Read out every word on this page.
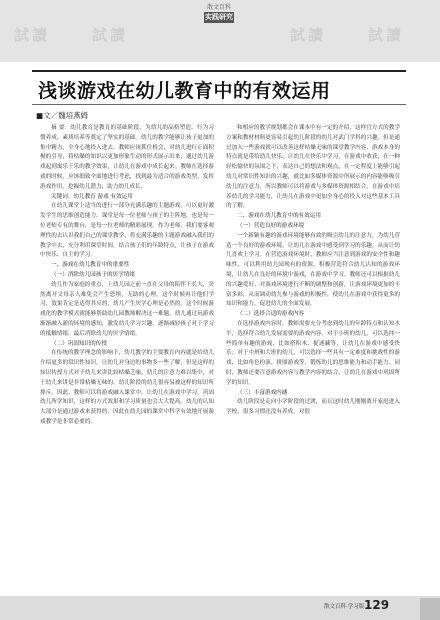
試讀	試讀	試讀	試讀
散文百科
实践研究
浅谈游戏在幼儿教育中的有效运用
■文／魏培燕姆

摘 要：幼儿教育是教育的基础阶段，为幼儿的品格塑造、行为习惯养成、素质培养等奠定了坚实的基础。幼儿的教学能够让孩子更加的集中精力，全身心地投入进去。教师应该抓住机会，对幼儿进行正面积极的引导，将枯燥的知识以更加形象生动的形式展示出来，通过幼儿游戏起到寓乐于乐的教学效果，让幼儿在游戏中成长起来。教师在选择游戏的时候，应该细致全面地进行考虑，找到最为适合的游戏类型，发挥游戏作用，挖掘幼儿潜力，助力幼儿成长。

关键词：幼儿教育 游戏 有效运用

在幼儿课堂上适当的进行一部分充满乐趣的主题游戏，可以更好激发学生的思维创造能力。课堂是每一位老师与孩子的主阵地，也是每一位老师专有的舞台，是每一位老师的精彩展现。作为老师，我们要客观理性的去认识我们自己的课堂教学，将充满乐趣的主题游戏融入我们的教学中去，充分利用课堂时间，结合孩子们的年龄特点，让孩子在游戏中快乐、自主的学习。

一、游戏在幼儿教育中的重要性

（一）消除幼儿园孩子的厌学情绪

幼儿作为家庭的重点，上幼儿园之前一直在父母的陪伴下长大，突然离开父母亲人难免会产生恐惧，无助的心理，这个时候再让他们学习，效果肯定是适得其反的，幼儿产生厌学心理是必然的。这个时候游戏化的教学模式就能够帮助幼儿园教师解决这一难题。幼儿通过玩游戏渐渐融入新的环境的感知，激发幼儿学习兴趣，逐渐减轻孩子对于学习的抵触情绪，最后消除幼儿的厌学情绪。

（二）巩固知识的传授

在传统的教学理念的影响下，幼儿教学的主要教育内容就是给幼儿介绍更多的常识性知识，让幼儿对身边的事物多一些了解，但是这样的知识传授方式对于幼儿来讲比较枯燥乏味，幼儿的注意力难以集中，对于幼儿来讲是非常枯燥无味的，幼儿阶段的幼儿很容易被这样的知识所排斥。因此，教师可以将游戏融入课堂中，让幼儿在游戏中学习，巩固幼儿所学知识，这样的方式效果和学习质量也会大大提高。幼儿的认知大部分是通过游戏来获得的，因此在幼儿园的课堂中科学有效地开展游戏教学是非常必要的。

和相应的教学规划都会在课本中有一定的介绍，这样官方式的教学方案和教材材料更容易引起幼儿阶段的幼儿对武门学科的兴趣。但是通过加入一些游戏就可以改善这样枯燥无味的课堂教学内容，游戏本身的特点就是带给幼儿快乐，让幼儿在快乐中学习，在游戏中收获，在一种轻松愉快的氛围之下，表达自己的想法和观点，在一定程度上能够引起幼儿对常识性知识的兴趣，就比如多媒体资源中所展示的内容能够吸引幼儿的注意力，所以教师可以将游戏与多媒体资源相结合，在游戏中培养幼儿的学习能力，让幼儿在游戏中更加全身心的投入对这些基本工具的了解。

二、游戏在幼儿教育中的有效运用

（一）营造良好的游戏环境

一个新颖有趣的游戏环境能够有效的吸引幼儿的注意力，为幼儿营造一个良好的游戏环境，让幼儿在游戏中感受到学习的乐趣，从而让幼儿喜欢上学习。在营造游戏环境时，教师应当注意到游戏的安全性和趣味性，可以利用幼儿园现有的资源，积极营造符合幼儿认知的游戏环境，让幼儿在良好的环境中游戏，在游戏中学习。教师还可以根据幼儿的兴趣爱好，对游戏环境进行不断的调整和创新，让游戏环境更加的丰富多彩，从而调动幼儿参与游戏的积极性，使幼儿在游戏中获得更多的知识和能力，促进幼儿的全面发展。

（二）选择合适的游戏内容

在选择游戏内容时，教师需要充分考虑到幼儿的年龄特点和认知水平，选择符合幼儿发展需要的游戏内容。对于小班的幼儿，可以选择一些简单有趣的游戏，比如搭积木、捉迷藏等，让幼儿在游戏中感受快乐；对于中班和大班的幼儿，可以选择一些具有一定难度和挑战性的游戏，比如角色扮演、拼图游戏等，锻炼幼儿的思维能力和动手能力。同时，教师还要注意游戏内容与教学内容的结合，让幼儿在游戏中巩固所学的知识。

（三）丰富游戏内涵

幼儿阶段是走向小学阶段的过渡，而且这时幼儿刚刚离开家庭进入学校，很多习惯还没有养成，对很

散文百科·学习版 129
